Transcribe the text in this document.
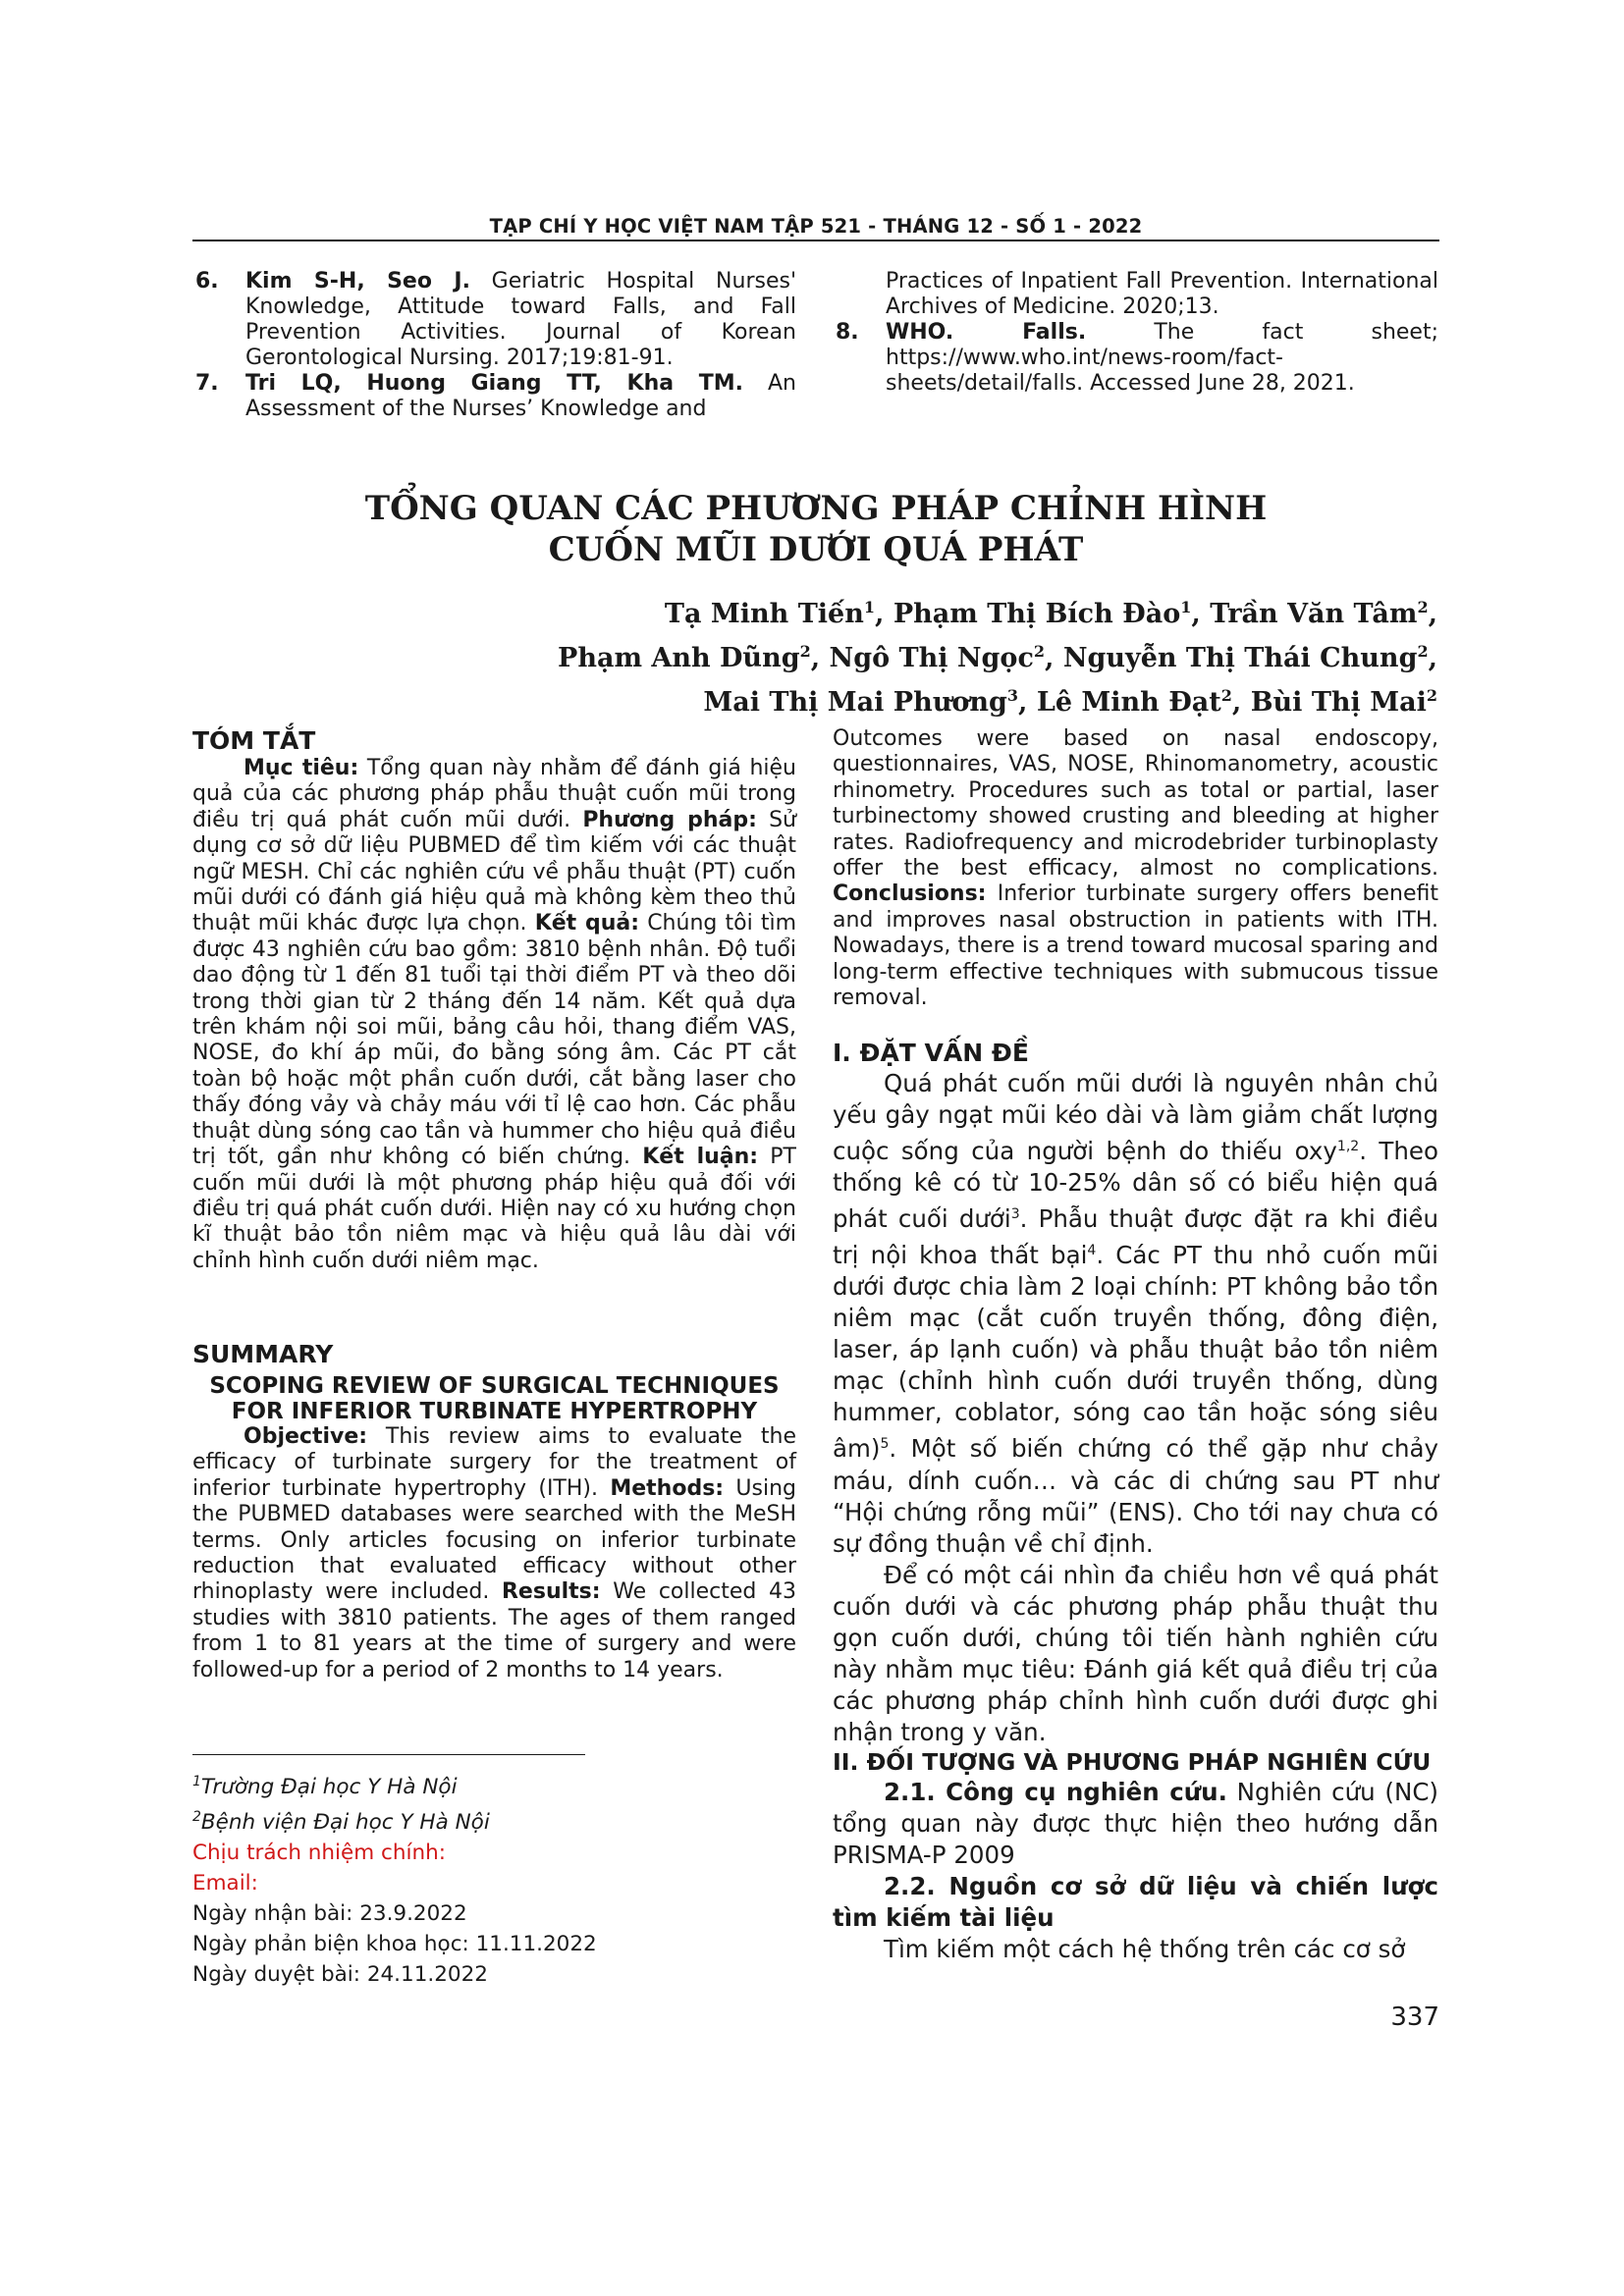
TẠP CHÍ Y HỌC VIỆT NAM TẬP 521 - THÁNG 12 - SỐ 1 - 2022
6. Kim S-H, Seo J. Geriatric Hospital Nurses' Knowledge, Attitude toward Falls, and Fall Prevention Activities. Journal of Korean Gerontological Nursing. 2017;19:81-91.
7. Tri LQ, Huong Giang TT, Kha TM. An Assessment of the Nurses’ Knowledge and
Practices of Inpatient Fall Prevention. International Archives of Medicine. 2020;13.
8. WHO. Falls. The fact sheet; https://www.who.int/news-room/fact-sheets/detail/falls. Accessed June 28, 2021.
TỔNG QUAN CÁC PHƯƠNG PHÁP CHỈNH HÌNH
CUỐN MŨI DƯỚI QUÁ PHÁT
Tạ Minh Tiến$^1$, Phạm Thị Bích Đào$^1$, Trần Văn Tâm$^2$,
Phạm Anh Dũng$^2$, Ngô Thị Ngọc$^2$, Nguyễn Thị Thái Chung$^2$,
Mai Thị Mai Phương$^3$, Lê Minh Đạt$^2$, Bùi Thị Mai$^2$
TÓM TẮT

Mục tiêu: Tổng quan này nhằm để đánh giá hiệu quả của các phương pháp phẫu thuật cuốn mũi trong điều trị quá phát cuốn mũi dưới. Phương pháp: Sử dụng cơ sở dữ liệu PUBMED để tìm kiếm với các thuật ngữ MESH. Chỉ các nghiên cứu về phẫu thuật (PT) cuốn mũi dưới có đánh giá hiệu quả mà không kèm theo thủ thuật mũi khác được lựa chọn. Kết quả: Chúng tôi tìm được 43 nghiên cứu bao gồm: 3810 bệnh nhân. Độ tuổi dao động từ 1 đến 81 tuổi tại thời điểm PT và theo dõi trong thời gian từ 2 tháng đến 14 năm. Kết quả dựa trên khám nội soi mũi, bảng câu hỏi, thang điểm VAS, NOSE, đo khí áp mũi, đo bằng sóng âm. Các PT cắt toàn bộ hoặc một phần cuốn dưới, cắt bằng laser cho thấy đóng vảy và chảy máu với tỉ lệ cao hơn. Các phẫu thuật dùng sóng cao tần và hummer cho hiệu quả điều trị tốt, gần như không có biến chứng. Kết luận: PT cuốn mũi dưới là một phương pháp hiệu quả đối với điều trị quá phát cuốn dưới. Hiện nay có xu hướng chọn kĩ thuật bảo tồn niêm mạc và hiệu quả lâu dài với chỉnh hình cuốn dưới niêm mạc.

SUMMARY
SCOPING REVIEW OF SURGICAL TECHNIQUES FOR INFERIOR TURBINATE HYPERTROPHY

Objective: This review aims to evaluate the efficacy of turbinate surgery for the treatment of inferior turbinate hypertrophy (ITH). Methods: Using the PUBMED databases were searched with the MeSH terms. Only articles focusing on inferior turbinate reduction that evaluated efficacy without other rhinoplasty were included. Results: We collected 43 studies with 3810 patients. The ages of them ranged from 1 to 81 years at the time of surgery and were followed-up for a period of 2 months to 14 years.

$^1$Trường Đại học Y Hà Nội
$^2$Bệnh viện Đại học Y Hà Nội
Chịu trách nhiệm chính:
Email:
Ngày nhận bài: 23.9.2022
Ngày phản biện khoa học: 11.11.2022
Ngày duyệt bài: 24.11.2022
Outcomes were based on nasal endoscopy, questionnaires, VAS, NOSE, Rhinomanometry, acoustic rhinometry. Procedures such as total or partial, laser turbinectomy showed crusting and bleeding at higher rates. Radiofrequency and microdebrider turbinoplasty offer the best efficacy, almost no complications. Conclusions: Inferior turbinate surgery offers benefit and improves nasal obstruction in patients with ITH. Nowadays, there is a trend toward mucosal sparing and long-term effective techniques with submucous tissue removal.
I. ĐẶT VẤN ĐỀ

Quá phát cuốn mũi dưới là nguyên nhân chủ yếu gây ngạt mũi kéo dài và làm giảm chất lượng cuộc sống của người bệnh do thiếu oxy$^{1,2}$. Theo thống kê có từ 10-25% dân số có biểu hiện quá phát cuối dưới$^3$. Phẫu thuật được đặt ra khi điều trị nội khoa thất bại$^4$. Các PT thu nhỏ cuốn mũi dưới được chia làm 2 loại chính: PT không bảo tồn niêm mạc (cắt cuốn truyền thống, đông điện, laser, áp lạnh cuốn) và phẫu thuật bảo tồn niêm mạc (chỉnh hình cuốn dưới truyền thống, dùng hummer, coblator, sóng cao tần hoặc sóng siêu âm)$^5$. Một số biến chứng có thể gặp như chảy máu, dính cuốn… và các di chứng sau PT như “Hội chứng rỗng mũi” (ENS). Cho tới nay chưa có sự đồng thuận về chỉ định.

Để có một cái nhìn đa chiều hơn về quá phát cuốn dưới và các phương pháp phẫu thuật thu gọn cuốn dưới, chúng tôi tiến hành nghiên cứu này nhằm mục tiêu: Đánh giá kết quả điều trị của các phương pháp chỉnh hình cuốn dưới được ghi nhận trong y văn.

II. ĐỐI TƯỢNG VÀ PHƯƠNG PHÁP NGHIÊN CỨU

2.1. Công cụ nghiên cứu. Nghiên cứu (NC) tổng quan này được thực hiện theo hướng dẫn PRISMA-P 2009

2.2. Nguồn cơ sở dữ liệu và chiến lược tìm kiếm tài liệu

Tìm kiếm một cách hệ thống trên các cơ sở

337
